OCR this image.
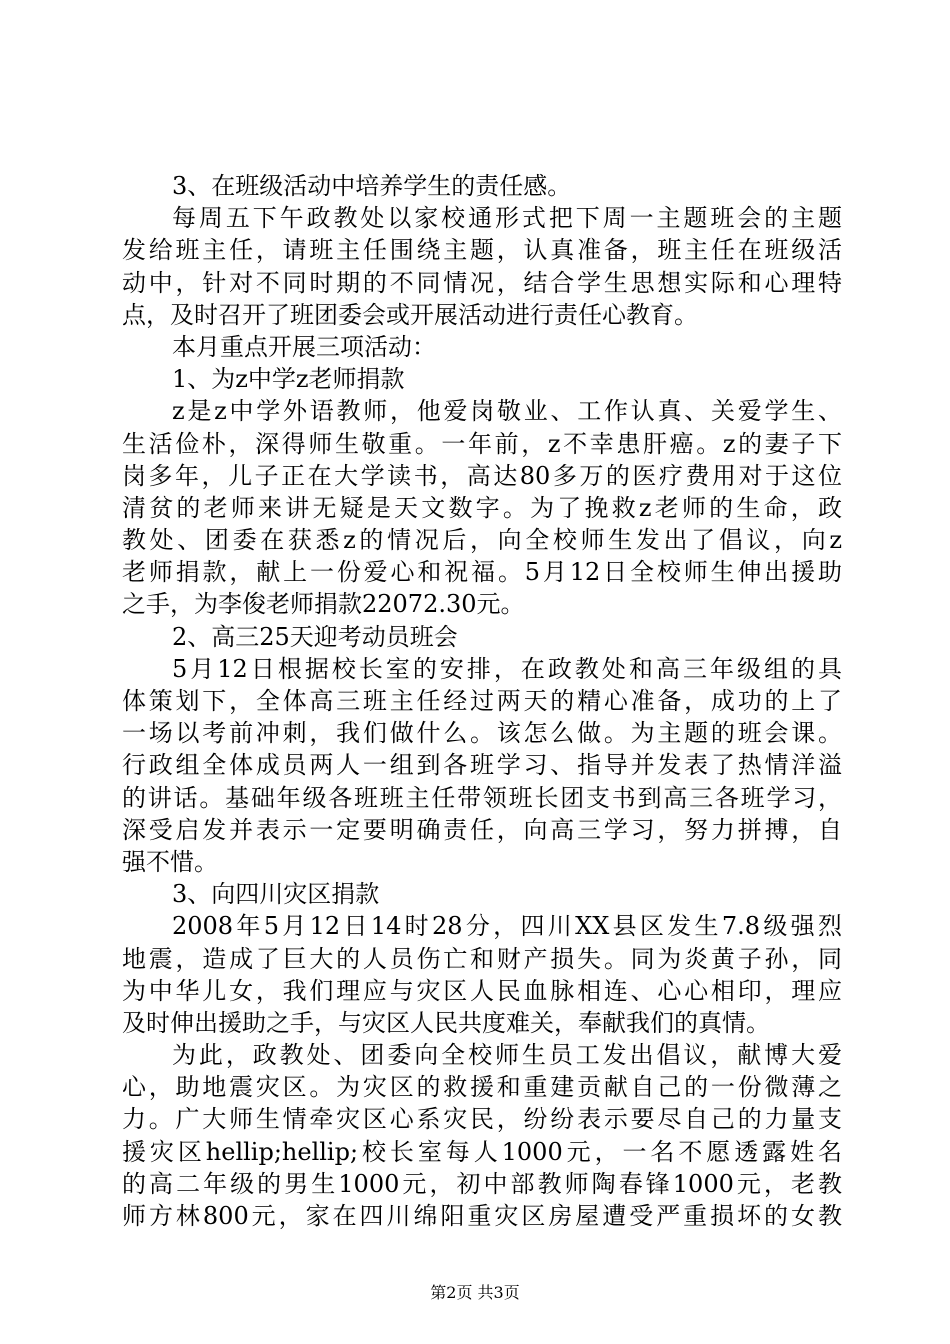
3、在班级活动中培养学生的责任感。
每周五下午政教处以家校通形式把下周一主题班会的主题
发给班主任，请班主任围绕主题，认真准备，班主任在班级活
动中，针对不同时期的不同情况，结合学生思想实际和心理特
点，及时召开了班团委会或开展活动进行责任心教育。
本月重点开展三项活动：
1、为z中学z老师捐款
z是z中学外语教师，他爱岗敬业、工作认真、关爱学生、
生活俭朴，深得师生敬重。一年前，z不幸患肝癌。z的妻子下
岗多年，儿子正在大学读书，高达80多万的医疗费用对于这位
清贫的老师来讲无疑是天文数字。为了挽救z老师的生命，政
教处、团委在获悉z的情况后，向全校师生发出了倡议，向z
老师捐款，献上一份爱心和祝福。5月12日全校师生伸出援助
之手，为李俊老师捐款22072.30元。
2、高三25天迎考动员班会
5月12日根据校长室的安排，在政教处和高三年级组的具
体策划下，全体高三班主任经过两天的精心准备，成功的上了
一场以考前冲刺，我们做什么。该怎么做。为主题的班会课。
行政组全体成员两人一组到各班学习、指导并发表了热情洋溢
的讲话。基础年级各班班主任带领班长团支书到高三各班学习，
深受启发并表示一定要明确责任，向高三学习，努力拼搏，自
强不惜。
3、向四川灾区捐款
2008年5月12日14时28分，四川XX县区发生7.8级强烈
地震，造成了巨大的人员伤亡和财产损失。同为炎黄子孙，同
为中华儿女，我们理应与灾区人民血脉相连、心心相印，理应
及时伸出援助之手，与灾区人民共度难关，奉献我们的真情。
为此，政教处、团委向全校师生员工发出倡议，献博大爱
心，助地震灾区。为灾区的救援和重建贡献自己的一份微薄之
力。广大师生情牵灾区心系灾民，纷纷表示要尽自己的力量支
援灾区hellip;hellip;校长室每人1000元，一名不愿透露姓名
的高二年级的男生1000元，初中部教师陶春锋1000元，老教
师方林800元，家在四川绵阳重灾区房屋遭受严重损坏的女教
第2页 共3页
